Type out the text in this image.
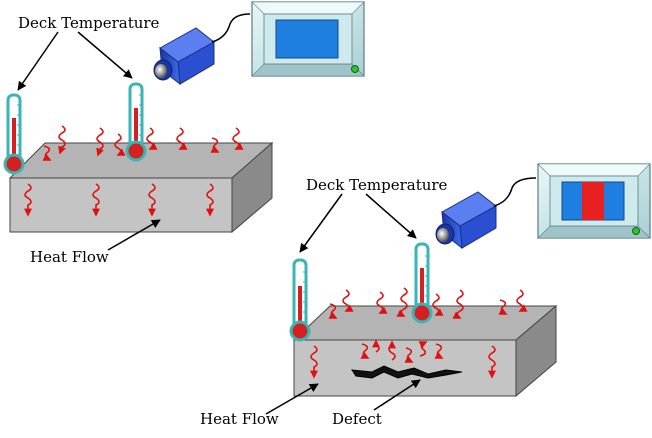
Deck Temperature
Heat Flow
Deck Temperature
Heat Flow	Defect
